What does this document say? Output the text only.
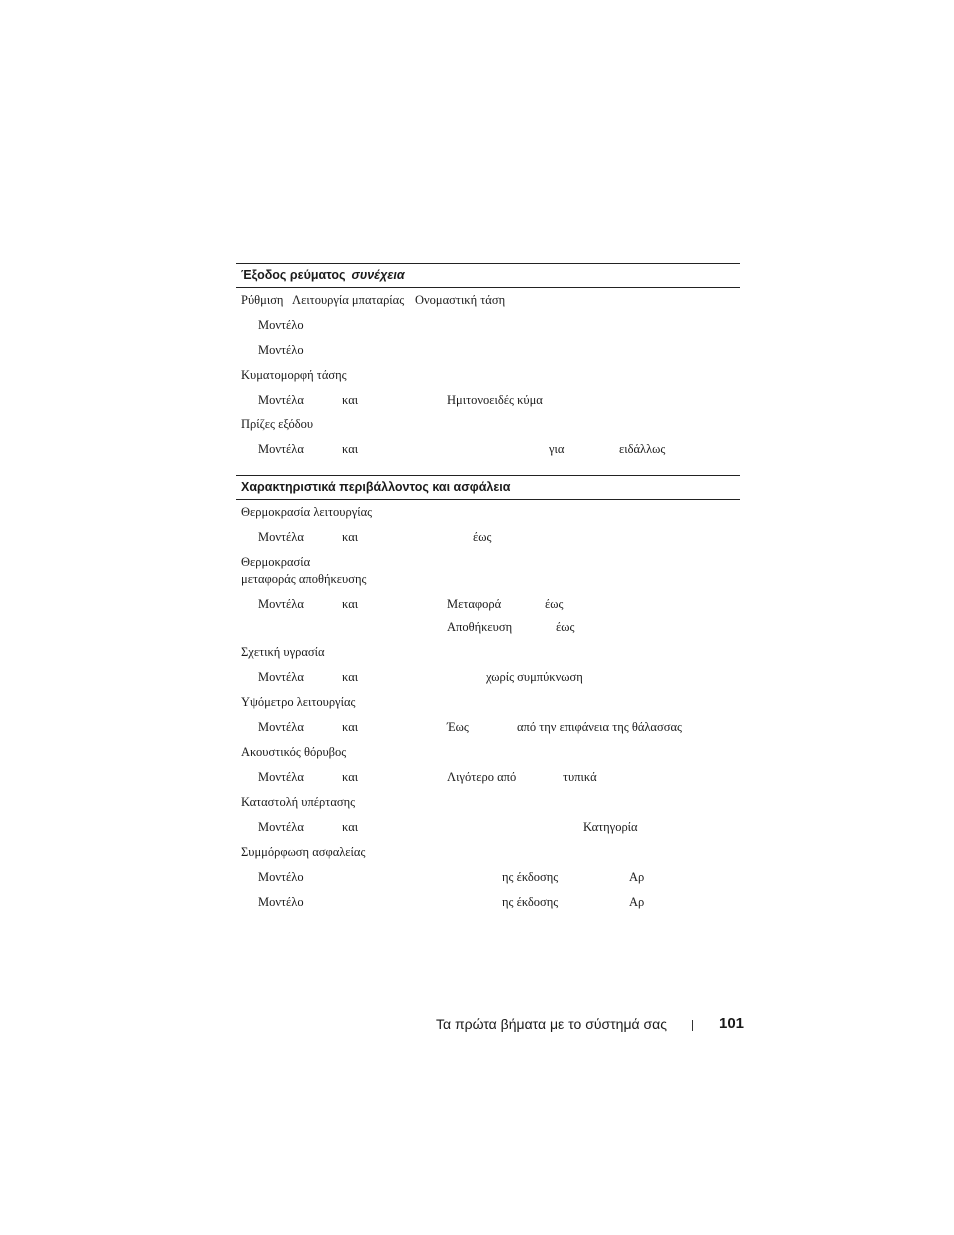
Έξοδος ρεύματος συνέχεια
Ρύθμιση Λειτουργία μπαταρίας Ονομαστική τάση
Μοντέλο
Μοντέλο
Κυματομορφή τάσης
Μοντέλα	και	Ημιτονοειδές κύμα
Πρίζες εξόδου
Μοντέλα	και	για	ειδάλλως
Χαρακτηριστικά περιβάλλοντος και ασφάλεια
Θερμοκρασία λειτουργίας
Μοντέλα	και	έως
Θερμοκρασία
μεταφοράς αποθήκευσης
Μοντέλα	και	Μεταφορά	έως
Αποθήκευση	έως
Σχετική υγρασία
Μοντέλα	και	χωρίς συμπύκνωση
Υψόμετρο λειτουργίας
Μοντέλα	και	Έως	από την επιφάνεια της θάλασσας
Ακουστικός θόρυβος
Μοντέλα	και	Λιγότερο από	τυπικά
Καταστολή υπέρτασης
Μοντέλα	και	Κατηγορία
Συμμόρφωση ασφαλείας
Μοντέλο	ης έκδοσης	Αρ
Μοντέλο	ης έκδοσης	Αρ
Τα πρώτα βήματα με το σύστημά σας	101
